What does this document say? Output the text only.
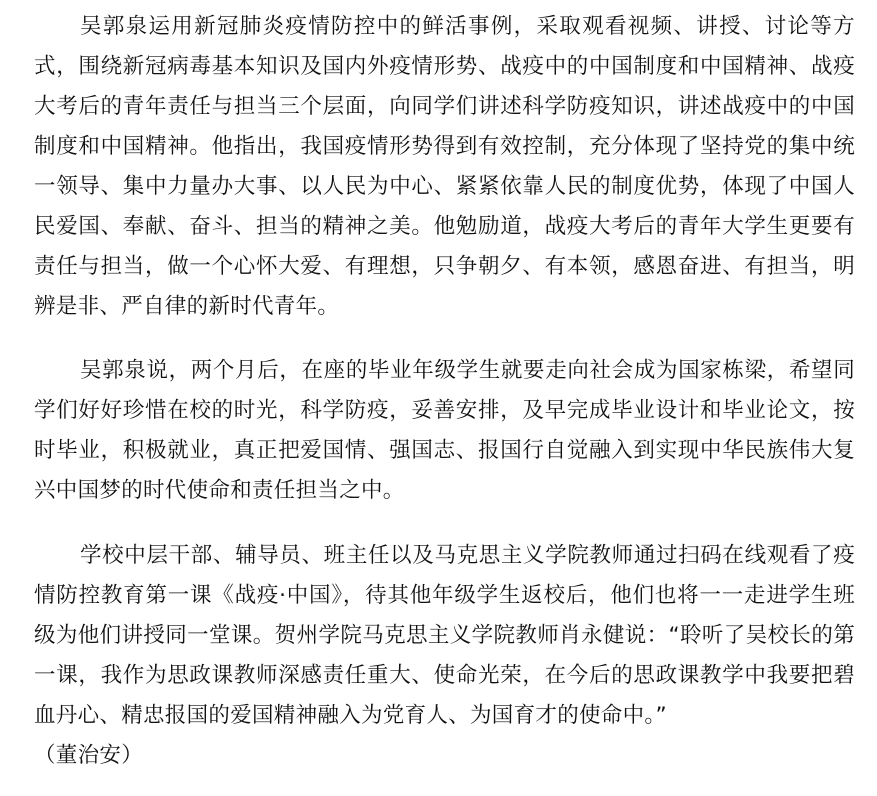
吴郭泉运用新冠肺炎疫情防控中的鲜活事例，采取观看视频、讲授、讨论等方式，围绕新冠病毒基本知识及国内外疫情形势、战疫中的中国制度和中国精神、战疫大考后的青年责任与担当三个层面，向同学们讲述科学防疫知识，讲述战疫中的中国制度和中国精神。他指出，我国疫情形势得到有效控制，充分体现了坚持党的集中统一领导、集中力量办大事、以人民为中心、紧紧依靠人民的制度优势，体现了中国人民爱国、奉献、奋斗、担当的精神之美。他勉励道，战疫大考后的青年大学生更要有责任与担当，做一个心怀大爱、有理想，只争朝夕、有本领，感恩奋进、有担当，明辨是非、严自律的新时代青年。

吴郭泉说，两个月后，在座的毕业年级学生就要走向社会成为国家栋梁，希望同学们好好珍惜在校的时光，科学防疫，妥善安排，及早完成毕业设计和毕业论文，按时毕业，积极就业，真正把爱国情、强国志、报国行自觉融入到实现中华民族伟大复兴中国梦的时代使命和责任担当之中。

学校中层干部、辅导员、班主任以及马克思主义学院教师通过扫码在线观看了疫情防控教育第一课《战疫·中国》，待其他年级学生返校后，他们也将一一走进学生班级为他们讲授同一堂课。贺州学院马克思主义学院教师肖永健说：“聆听了吴校长的第一课，我作为思政课教师深感责任重大、使命光荣，在今后的思政课教学中我要把碧血丹心、精忠报国的爱国精神融入为党育人、为国育才的使命中。”

（董治安）
